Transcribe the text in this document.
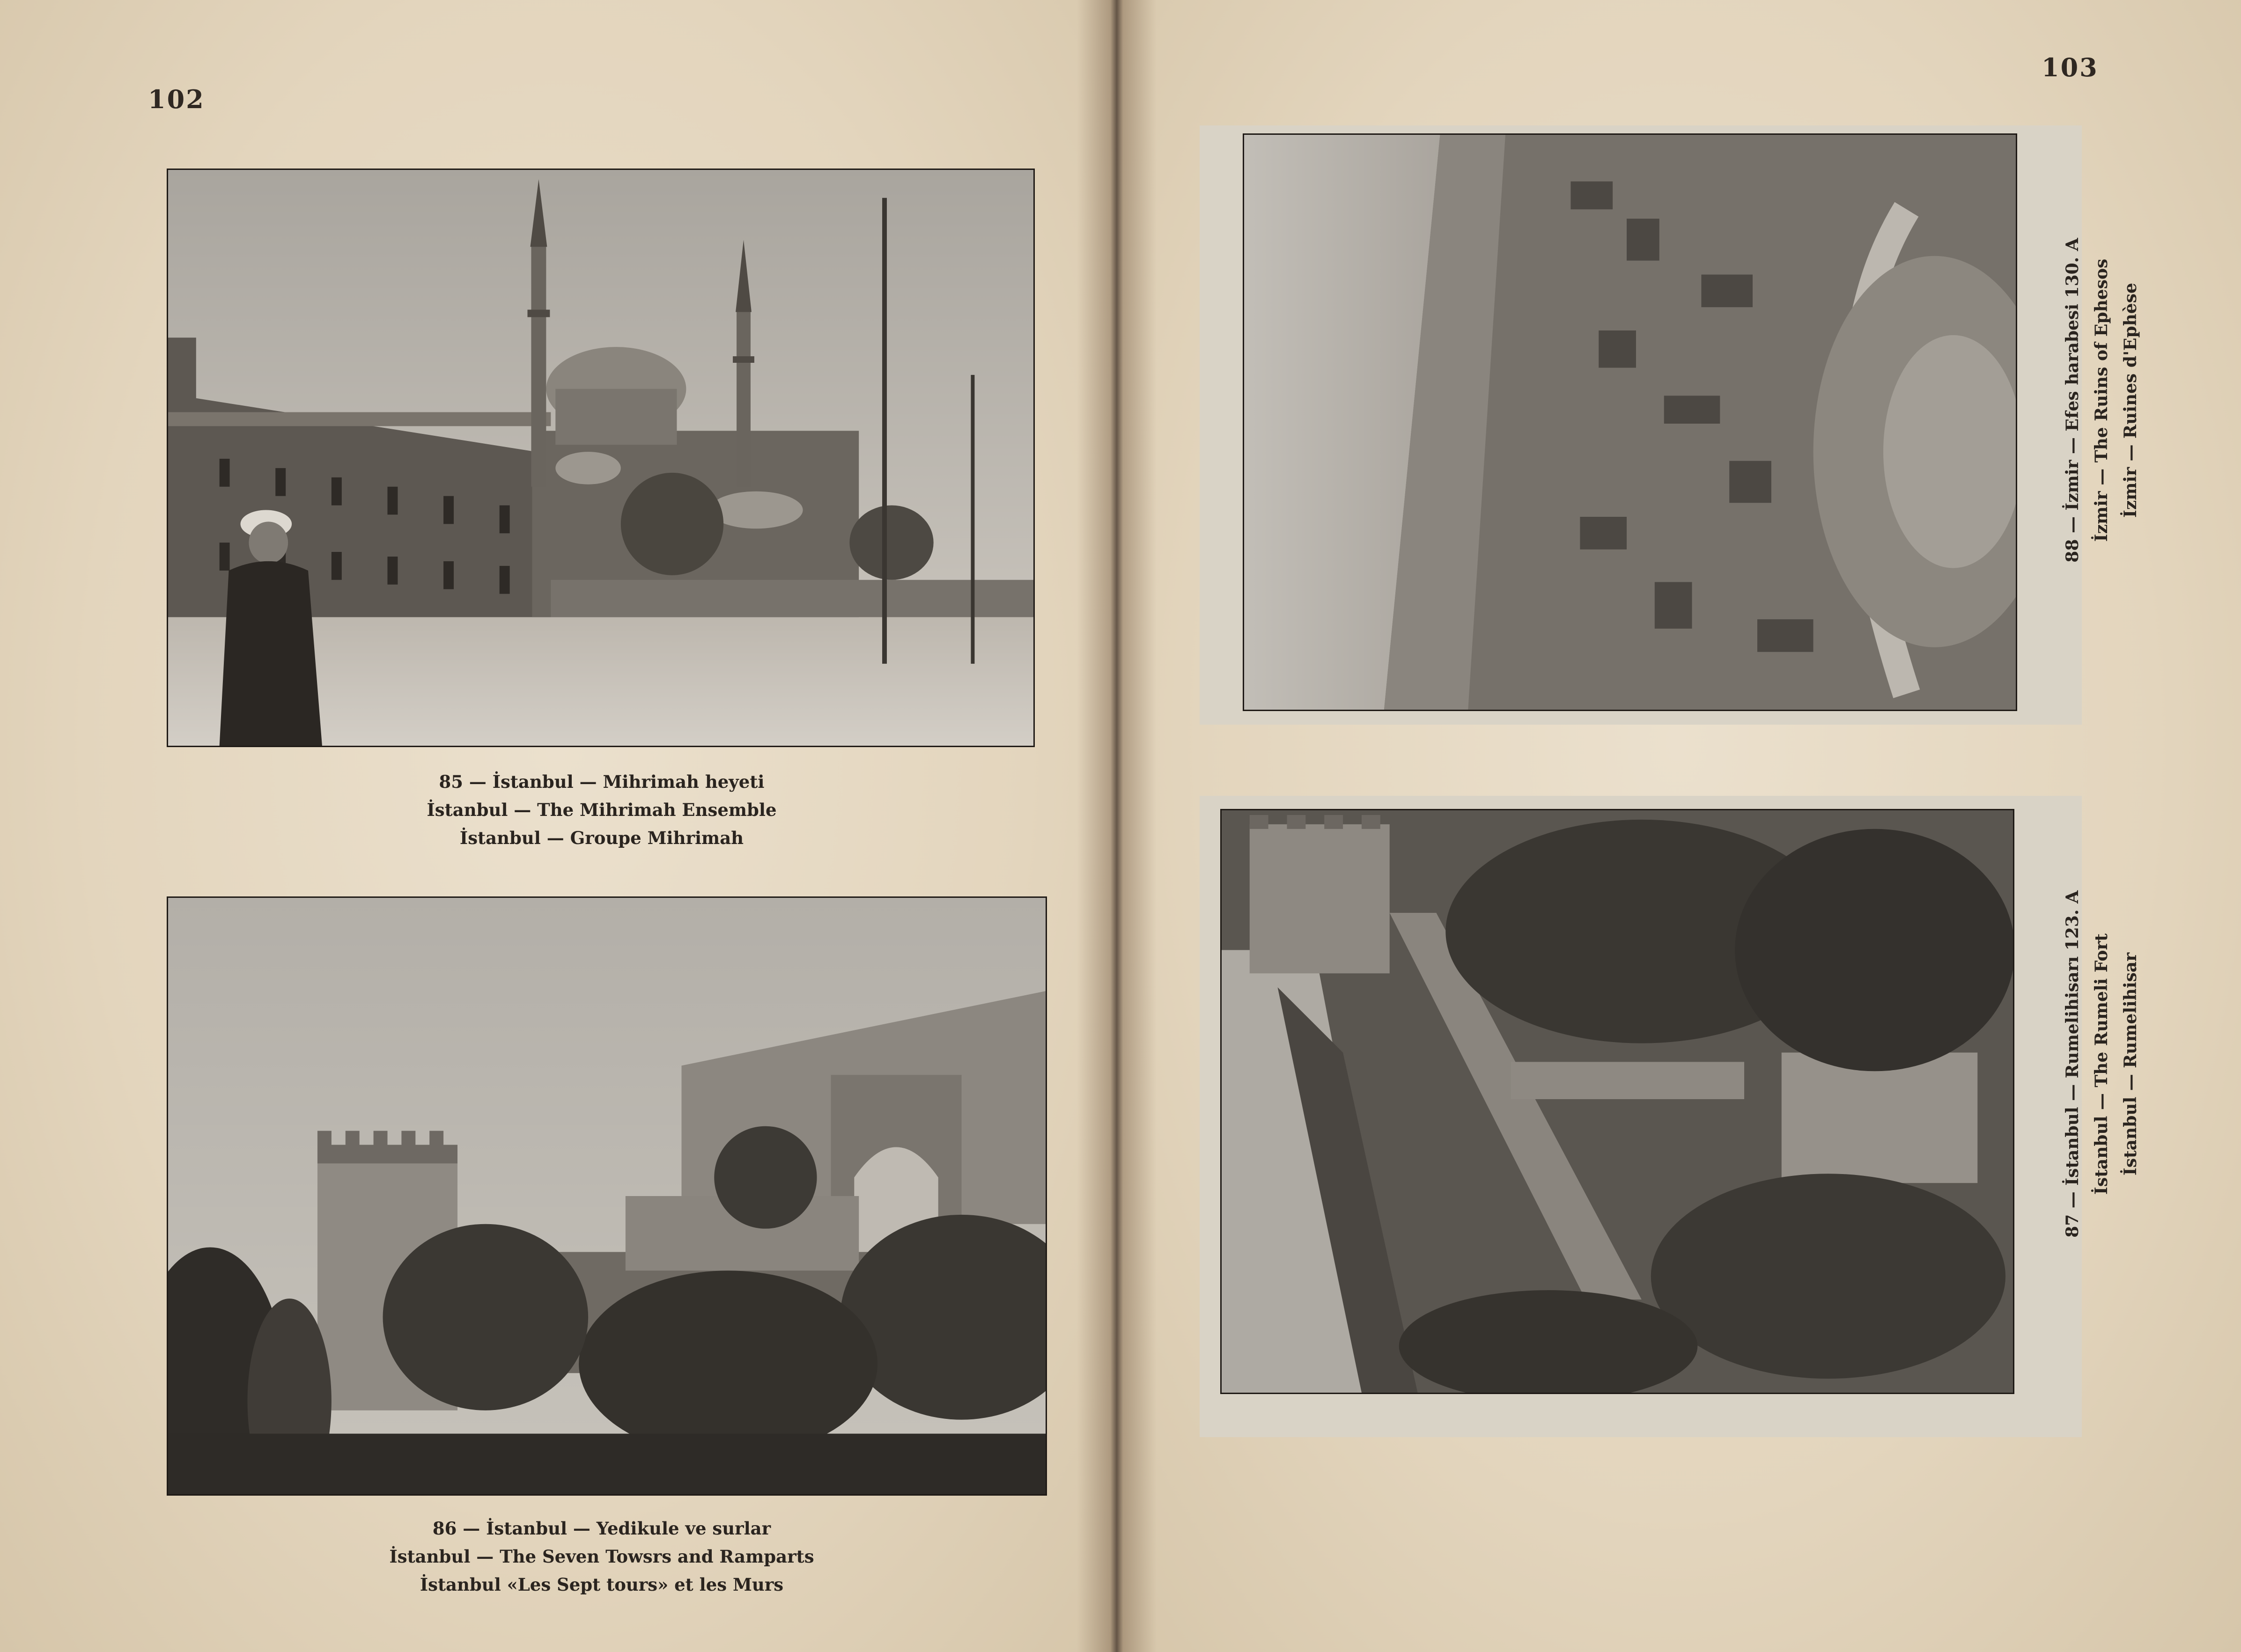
102
85 — İstanbul — Mihrimah heyeti
İstanbul — The Mihrimah Ensemble
İstanbul — Groupe Mihrimah
86 — İstanbul — Yedikule ve surlar
İstanbul — The Seven Towsrs and Ramparts
İstanbul «Les Sept tours» et les Murs
103
88 — İzmir — Efes harabesi 130. A İzmir — The Ruins of Ephesos İzmir — Ruines d'Ephèse
87 — İstanbul — Rumelihisarı 123. A İstanbul — The Rumeli Fort İstanbul — Rumelihisar
